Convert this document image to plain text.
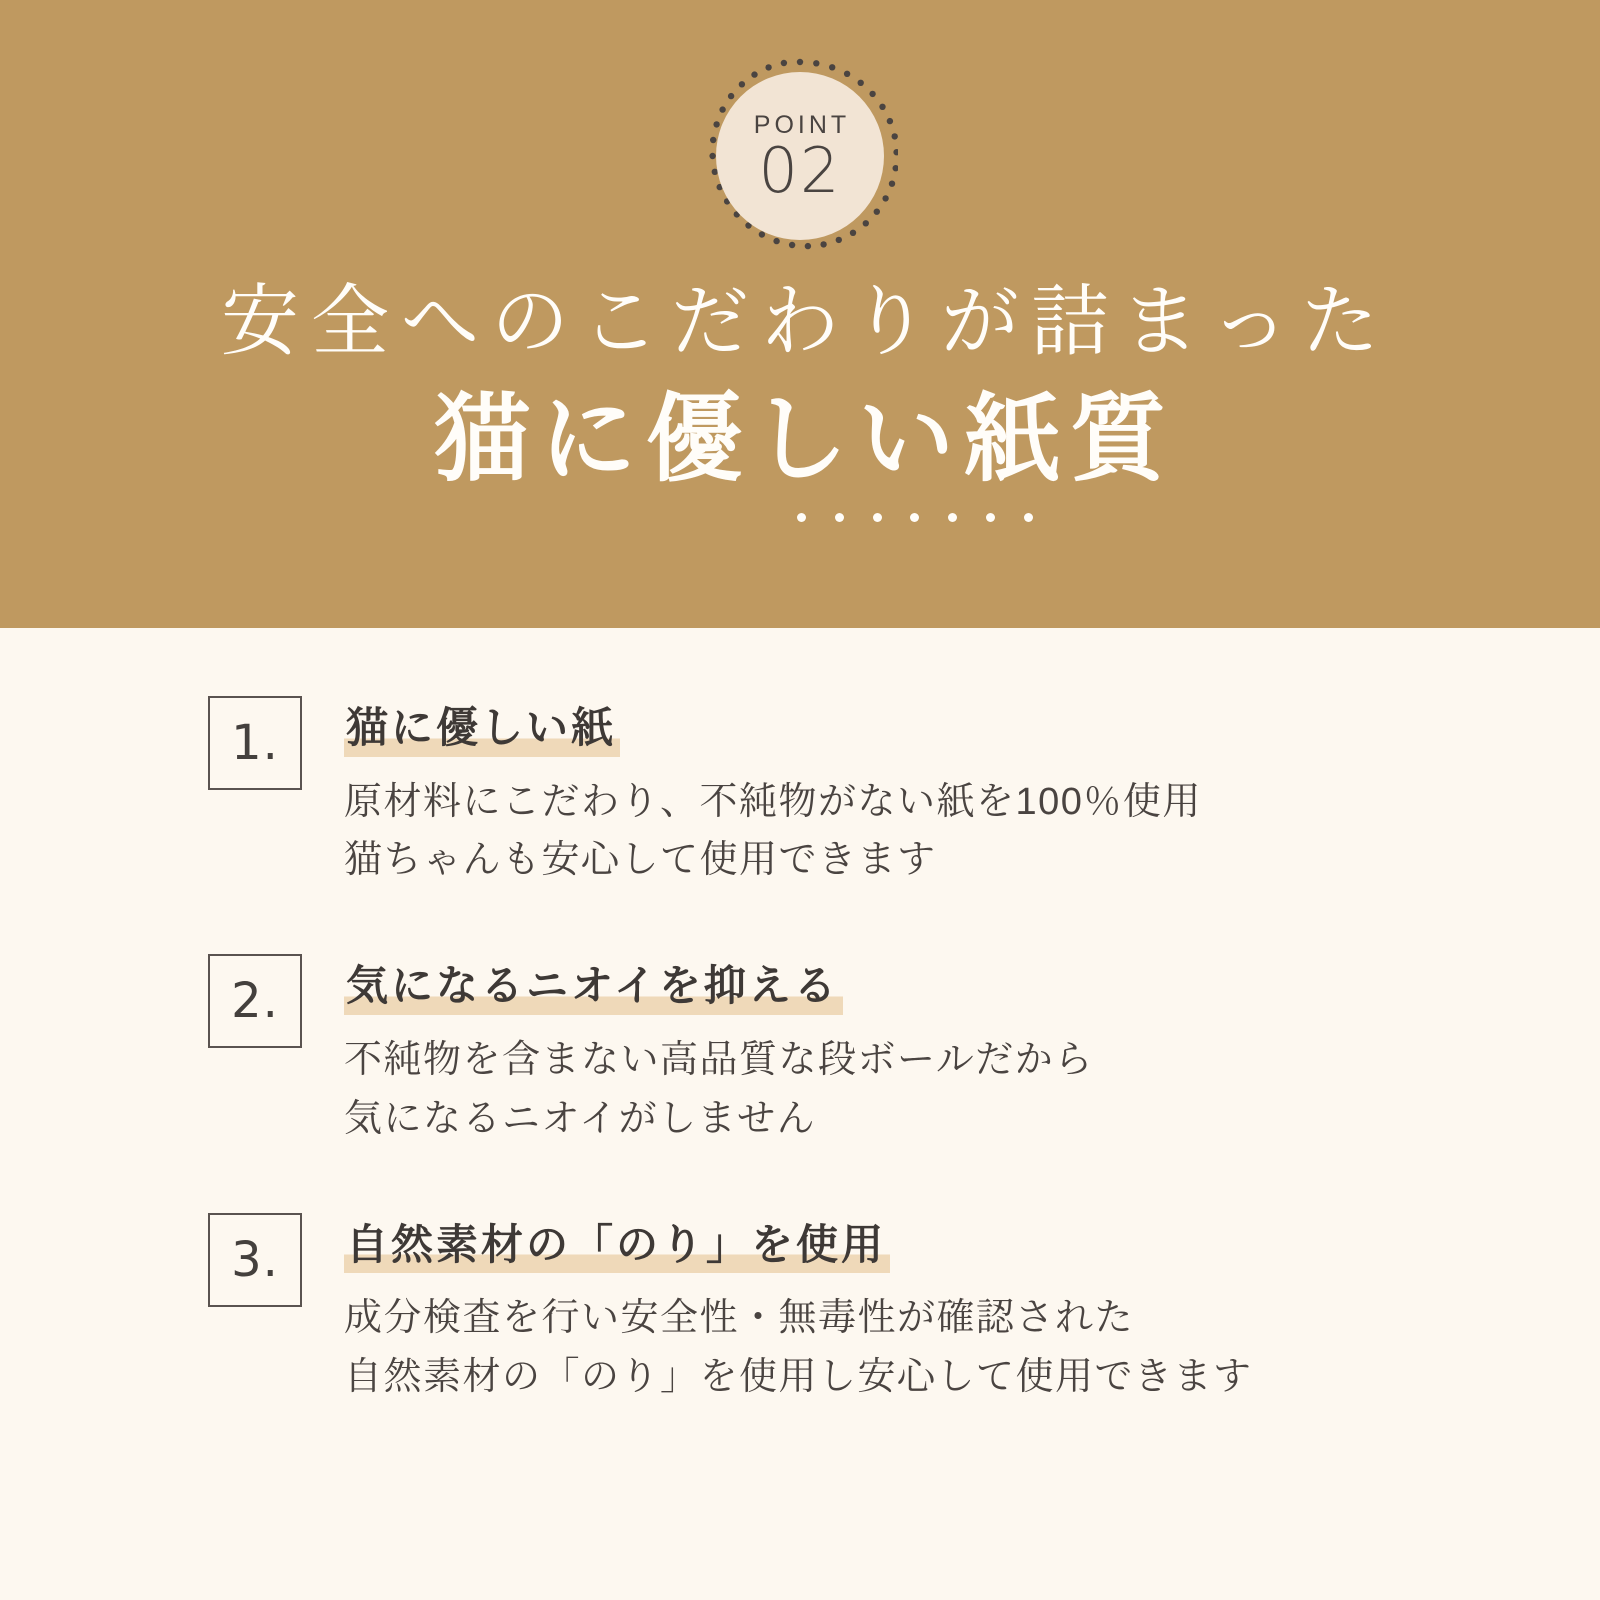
POINT
02
安全へのこだわりが詰まった
猫に優しい紙質
1. 猫に優しい紙
原材料にこだわり、不純物がない紙を100％使用
猫ちゃんも安心して使用できます
2. 気になるニオイを抑える
不純物を含まない高品質な段ボールだから
気になるニオイがしません
3. 自然素材の「のり」を使用
成分検査を行い安全性・無毒性が確認された
自然素材の「のり」を使用し安心して使用できます
